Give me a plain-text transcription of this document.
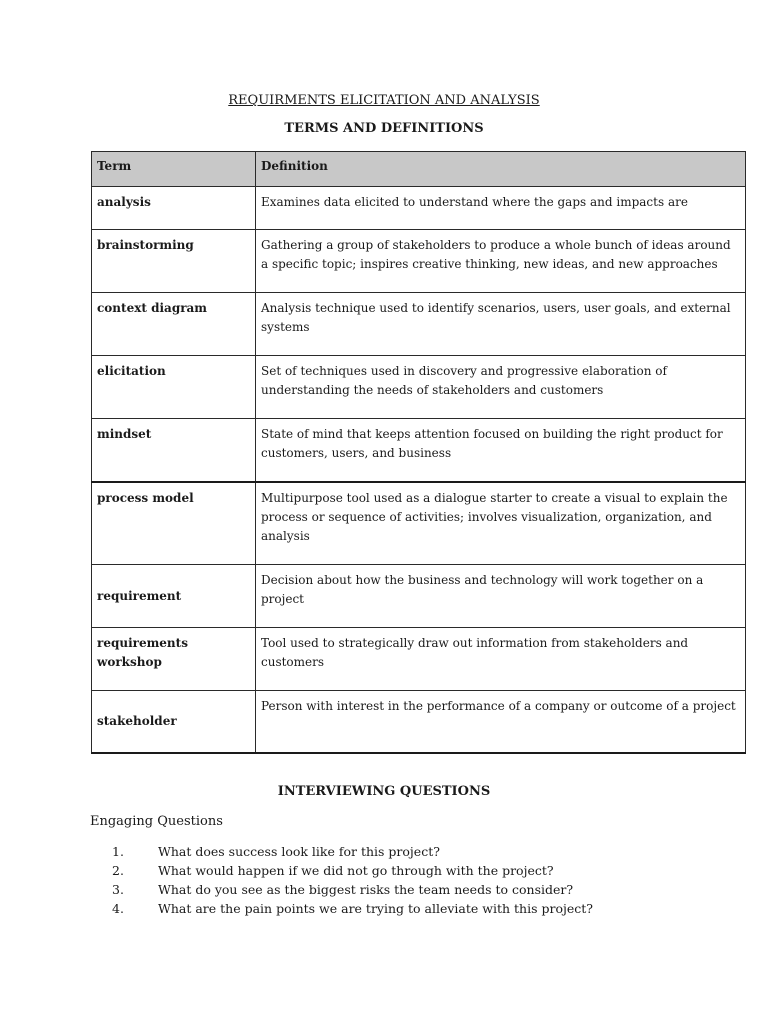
REQUIRMENTS ELICITATION AND ANALYSIS
TERMS AND DEFINITIONS
Term	Definition
analysis	Examines data elicited to understand where the gaps and impacts are
brainstorming	Gathering a group of stakeholders to produce a whole bunch of ideas around a specific topic; inspires creative thinking, new ideas, and new approaches
context diagram	Analysis technique used to identify scenarios, users, user goals, and external systems
elicitation	Set of techniques used in discovery and progressive elaboration of understanding the needs of stakeholders and customers
mindset	State of mind that keeps attention focused on building the right product for customers, users, and business
process model	Multipurpose tool used as a dialogue starter to create a visual to explain the process or sequence of activities; involves visualization, organization, and analysis
requirement	Decision about how the business and technology will work together on a project
requirements workshop	Tool used to strategically draw out information from stakeholders and customers
stakeholder	Person with interest in the performance of a company or outcome of a project
INTERVIEWING QUESTIONS
Engaging Questions
1.	What does success look like for this project?
2.	What would happen if we did not go through with the project?
3.	What do you see as the biggest risks the team needs to consider?
4.	What are the pain points we are trying to alleviate with this project?
